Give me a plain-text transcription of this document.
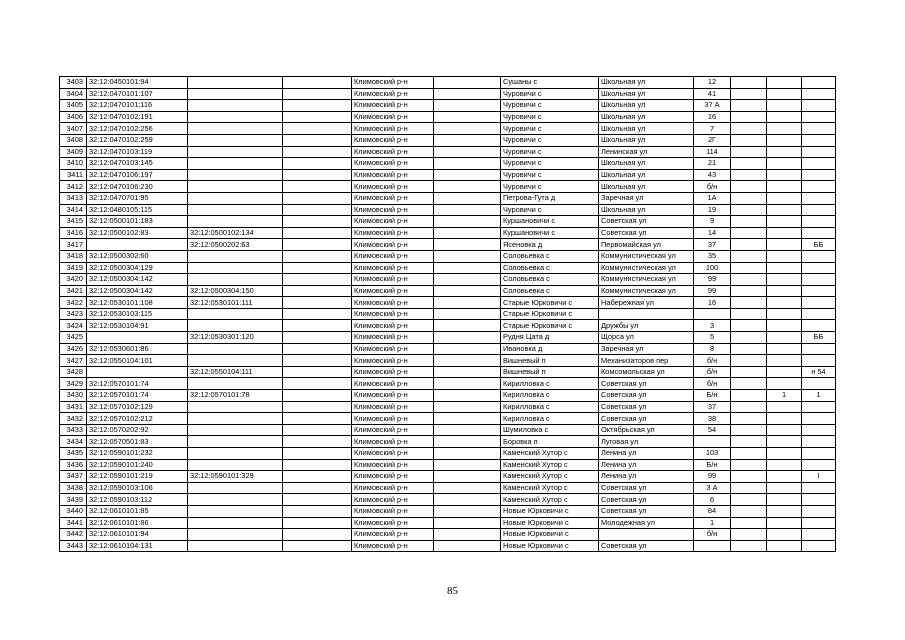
3403	32:12:0450101:94			Климовский р-н		Сушаны с	Школьная ул	12			
3404	32:12:0470101:107			Климовский р-н		Чуровичи с	Школьная ул	41			
3405	32:12:0470101:116			Климовский р-н		Чуровичи с	Школьная ул	37 А			
3406	32:12:0470102:191			Климовский р-н		Чуровичи с	Школьная ул	16			
3407	32:12:0470102:256			Климовский р-н		Чуровичи с	Школьная ул	7			
3408	32:12:0470102:259			Климовский р-н		Чуровичи с	Школьная ул	2Г			
3409	32:12:0470103:119			Климовский р-н		Чуровичи с	Ленинская ул	114			
3410	32:12:0470103:145			Климовский р-н		Чуровичи с	Школьная ул	21			
3411	32:12:0470106:197			Климовский р-н		Чуровичи с	Школьная ул	43			
3412	32:12:0470106:230			Климовский р-н		Чуровичи с	Школьная ул	б/н			
3413	32:12:0470701:95			Климовский р-н		Петрова-Гута д	Заречная ул	1А			
3414	32:12:0480105:115			Климовский р-н		Чуровичи с	Школьная ул	19			
3415	32:12:0500101:183			Климовский р-н		Куршановичи с	Советская ул	9			
3416	32:12:0500102:83	32:12:0500102:134		Климовский р-н		Куршановичи с	Советская ул	14			
3417		32:12:0500202:63		Климовский р-н		Ясеновка д	Первомайская ул	37			ББ
3418	32:12:0500302:60			Климовский р-н		Соловьевка с	Коммунистическая ул	35			
3419	32:12:0500304:129			Климовский р-н		Соловьевка с	Коммунистическая ул	100			
3420	32:12:0500304:142			Климовский р-н		Соловьевка с	Коммунистическая ул	99			
3421	32:12:0500304:142	32:12:0500304:150		Климовский р-н		Соловьевка с	Коммунистическая ул	99			
3422	32:12:0530101:108	32:12:0530101:111		Климовский р-н		Старые Юрковичи с	Набережная ул	16			
3423	32:12:0530103:115			Климовский р-н		Старые Юрковичи с					
3424	32:12:0530104:91			Климовский р-н		Старые Юрковичи с	Дружбы ул	3			
3425		32:12:0530301:120		Климовский р-н		Рудня Цата д	Щорса ул	5			ББ
3426	32:12:0530601:86			Климовский р-н		Ивановка д	Заречная ул	8			
3427	32:12:0550104:101			Климовский р-н		Вишневый п	Механизаторов пер	б/н			
3428		32:12:0550104:111		Климовский р-н		Вишневый п	Комсомольская ул	б/н			н 54
3429	32:12:0570101:74			Климовский р-н		Кирилловка с	Советская ул	б/н			
3430	32:12:0570101:74	32:12:0570101:78		Климовский р-н		Кирилловка с	Советская ул	Б/н		1	1
3431	32:12:0570102:129			Климовский р-н		Кирилловка с	Советская ул	37			
3432	32:12:0570102:212			Климовский р-н		Кирилловка с	Советская ул	38			
3433	32:12:0570202:92			Климовский р-н		Шумиловка с	Октябрьская ул	54			
3434	32:12:0570501:83			Климовский р-н		Боровка п	Луговая ул				
3435	32:12:0590101:232			Климовский р-н		Каменский Хутор с	Ленина ул	103			
3436	32:12:0590101:240			Климовский р-н		Каменский Хутор с	Ленина ул	Б/н			
3437	32:12:0590101:219	32:12:0590101:329		Климовский р-н		Каменский Хутор с	Ленина ул	99			I
3438	32:12:0590103:106			Климовский р-н		Каменский Хутор с	Советская ул	3 А			
3439	32:12:0590103:112			Климовский р-н		Каменский Хутор с	Советская ул	6			
3440	32:12:0610101:85			Климовский р-н		Новые Юрковичи с	Советская ул	84			
3441	32:12:0610101:86			Климовский р-н		Новые Юрковичи с	Молодежная ул	1			
3442	32:12:0610101:94			Климовский р-н		Новые Юрковичи с		б/н			
3443	32:12:0610104:131			Климовский р-н		Новые Юрковичи с	Советская ул				
85
